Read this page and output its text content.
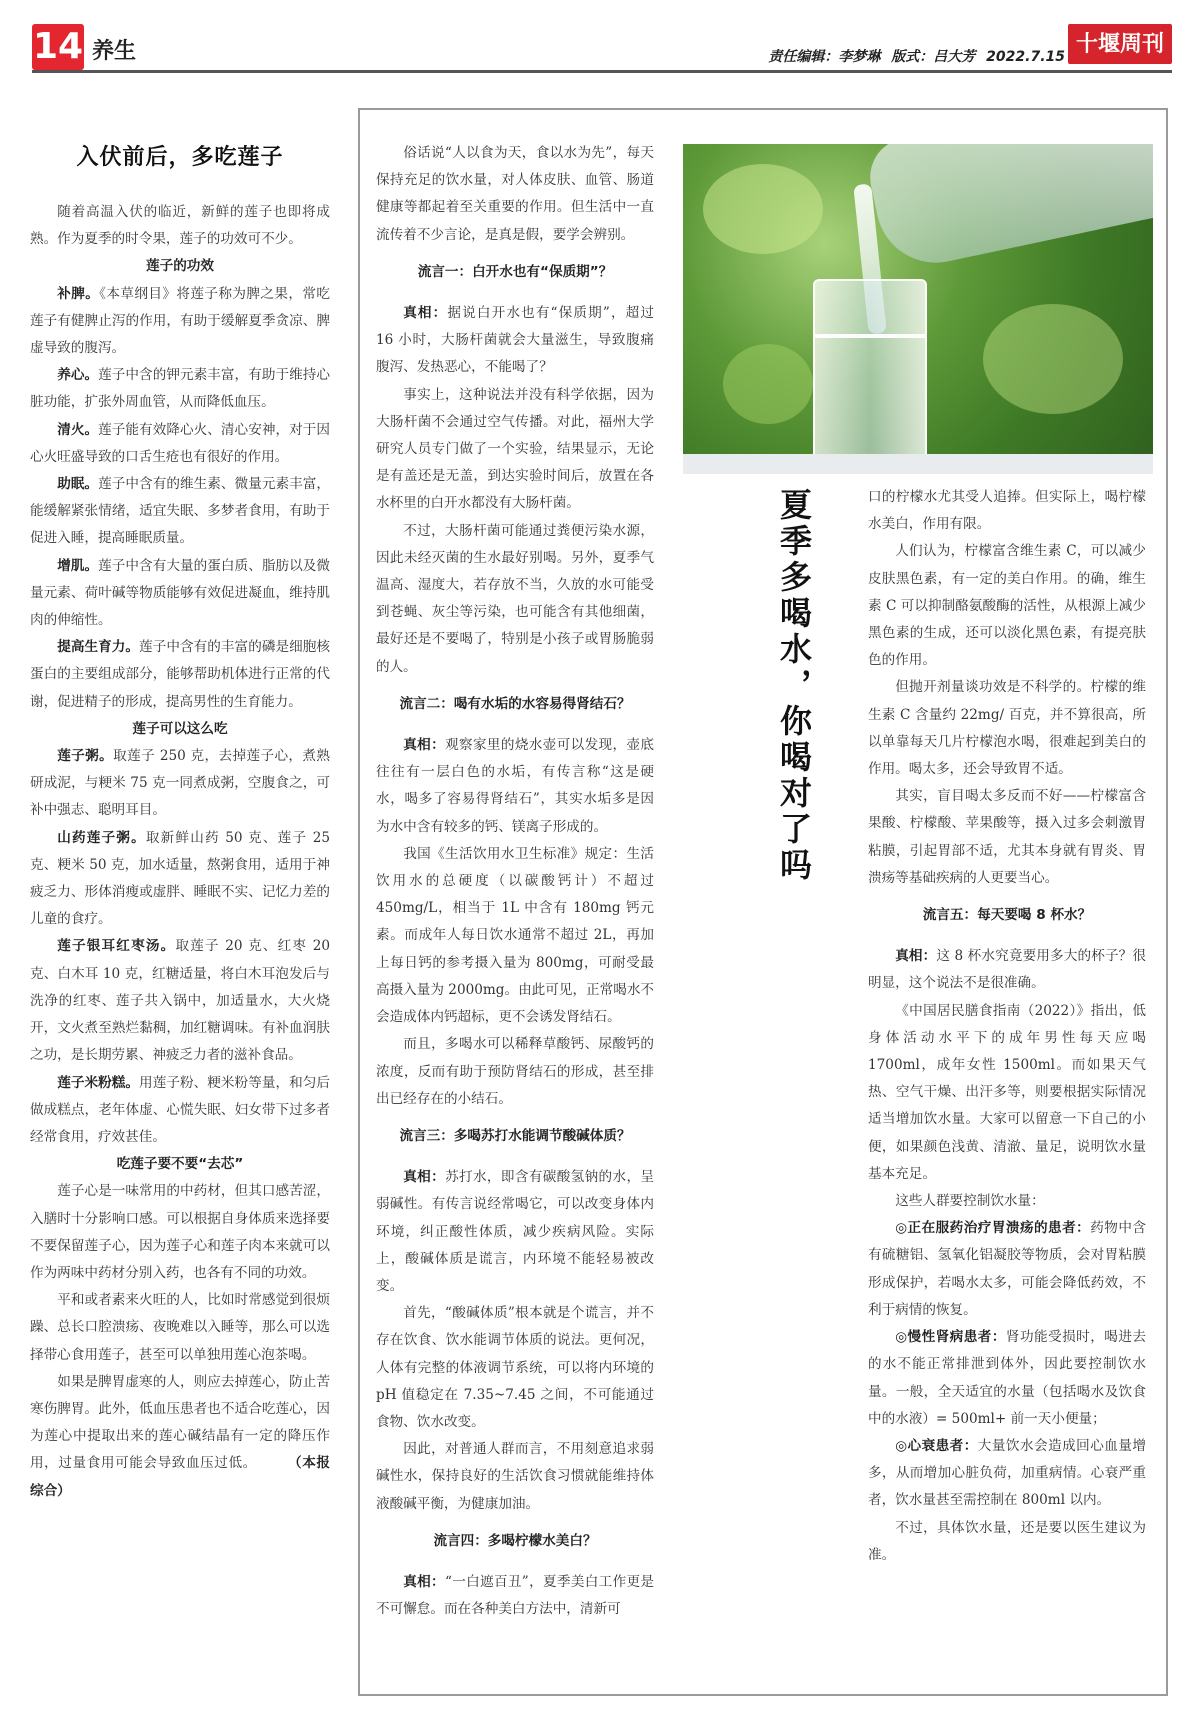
14 养生	责任编辑：李梦琳 版式：吕大芳 2022.7.15 十堰周刊
入伏前后，多吃莲子

随着高温入伏的临近，新鲜的莲子也即将成熟。作为夏季的时令果，莲子的功效可不少。

莲子的功效

补脾。《本草纲目》将莲子称为脾之果，常吃莲子有健脾止泻的作用，有助于缓解夏季贪凉、脾虚导致的腹泻。

养心。莲子中含的钾元素丰富，有助于维持心脏功能，扩张外周血管，从而降低血压。

清火。莲子能有效降心火、清心安神，对于因心火旺盛导致的口舌生疮也有很好的作用。

助眠。莲子中含有的维生素、微量元素丰富，能缓解紧张情绪，适宜失眠、多梦者食用，有助于促进入睡，提高睡眠质量。

增肌。莲子中含有大量的蛋白质、脂肪以及微量元素、荷叶碱等物质能够有效促进凝血，维持肌肉的伸缩性。

提高生育力。莲子中含有的丰富的磷是细胞核蛋白的主要组成部分，能够帮助机体进行正常的代谢，促进精子的形成，提高男性的生育能力。

莲子可以这么吃

莲子粥。取莲子 250 克，去掉莲子心，煮熟研成泥，与粳米 75 克一同煮成粥，空腹食之，可补中强志、聪明耳目。

山药莲子粥。取新鲜山药 50 克、莲子 25 克、粳米 50 克，加水适量，熬粥食用，适用于神疲乏力、形体消瘦或虚胖、睡眠不实、记忆力差的儿童的食疗。

莲子银耳红枣汤。取莲子 20 克、红枣 20 克、白木耳 10 克，红糖适量，将白木耳泡发后与洗净的红枣、莲子共入锅中，加适量水，大火烧开，文火煮至熟烂黏稠，加红糖调味。有补血润肤之功，是长期劳累、神疲乏力者的滋补食品。

莲子米粉糕。用莲子粉、粳米粉等量，和匀后做成糕点，老年体虚、心慌失眠、妇女带下过多者经常食用，疗效甚佳。

吃莲子要不要“去芯”

莲子心是一味常用的中药材，但其口感苦涩，入膳时十分影响口感。可以根据自身体质来选择要不要保留莲子心，因为莲子心和莲子肉本来就可以作为两味中药材分别入药，也各有不同的功效。

平和或者素来火旺的人，比如时常感觉到很烦躁、总长口腔溃疡、夜晚难以入睡等，那么可以选择带心食用莲子，甚至可以单独用莲心泡茶喝。

如果是脾胃虚寒的人，则应去掉莲心，防止苦寒伤脾胃。此外，低血压患者也不适合吃莲心，因为莲心中提取出来的莲心碱结晶有一定的降压作用，过量食用可能会导致血压过低。	（本报综合）

俗话说“人以食为天，食以水为先”，每天保持充足的饮水量，对人体皮肤、血管、肠道健康等都起着至关重要的作用。但生活中一直流传着不少言论，是真是假，要学会辨别。

流言一：白开水也有“保质期”？

真相：据说白开水也有“保质期”，超过 16 小时，大肠杆菌就会大量滋生，导致腹痛腹泻、发热恶心，不能喝了？

事实上，这种说法并没有科学依据，因为大肠杆菌不会通过空气传播。对此，福州大学研究人员专门做了一个实验，结果显示，无论是有盖还是无盖，到达实验时间后，放置在各水杯里的白开水都没有大肠杆菌。

不过，大肠杆菌可能通过粪便污染水源，因此未经灭菌的生水最好别喝。另外，夏季气温高、湿度大，若存放不当，久放的水可能受到苍蝇、灰尘等污染，也可能含有其他细菌，最好还是不要喝了，特别是小孩子或胃肠脆弱的人。

流言二：喝有水垢的水容易得肾结石？

真相：观察家里的烧水壶可以发现，壶底往往有一层白色的水垢，有传言称“这是硬水，喝多了容易得肾结石”，其实水垢多是因为水中含有较多的钙、镁离子形成的。

我国《生活饮用水卫生标准》规定：生活饮用水的总硬度（以碳酸钙计）不超过 450mg/L，相当于 1L 中含有 180mg 钙元素。而成年人每日饮水通常不超过 2L，再加上每日钙的参考摄入量为 800mg，可耐受最高摄入量为 2000mg。由此可见，正常喝水不会造成体内钙超标，更不会诱发肾结石。

而且，多喝水可以稀释草酸钙、尿酸钙的浓度，反而有助于预防肾结石的形成，甚至排出已经存在的小结石。

流言三：多喝苏打水能调节酸碱体质？

真相：苏打水，即含有碳酸氢钠的水，呈弱碱性。有传言说经常喝它，可以改变身体内环境，纠正酸性体质，减少疾病风险。实际上，酸碱体质是谎言，内环境不能轻易被改变。

首先，“酸碱体质”根本就是个谎言，并不存在饮食、饮水能调节体质的说法。更何况，人体有完整的体液调节系统，可以将内环境的 pH 值稳定在 7.35~7.45 之间，不可能通过食物、饮水改变。

因此，对普通人群而言，不用刻意追求弱碱性水，保持良好的生活饮食习惯就能维持体液酸碱平衡，为健康加油。

流言四：多喝柠檬水美白？

真相：“一白遮百丑”，夏季美白工作更是不可懈怠。而在各种美白方法中，清新可

夏季多喝水，你喝对了吗	口的柠檬水尤其受人追捧。但实际上，喝柠檬水美白，作用有限。

人们认为，柠檬富含维生素 C，可以减少皮肤黑色素，有一定的美白作用。的确，维生素 C 可以抑制酪氨酸酶的活性，从根源上减少黑色素的生成，还可以淡化黑色素，有提亮肤色的作用。

但抛开剂量谈功效是不科学的。柠檬的维生素 C 含量约 22mg/ 百克，并不算很高，所以单靠每天几片柠檬泡水喝，很难起到美白的作用。喝太多，还会导致胃不适。

其实，盲目喝太多反而不好——柠檬富含果酸、柠檬酸、苹果酸等，摄入过多会刺激胃粘膜，引起胃部不适，尤其本身就有胃炎、胃溃疡等基础疾病的人更要当心。

流言五：每天要喝 8 杯水？

真相：这 8 杯水究竟要用多大的杯子？很明显，这个说法不是很准确。

《中国居民膳食指南（2022）》指出，低身体活动水平下的成年男性每天应喝 1700ml，成年女性 1500ml。而如果天气热、空气干燥、出汗多等，则要根据实际情况适当增加饮水量。大家可以留意一下自己的小便，如果颜色浅黄、清澈、量足，说明饮水量基本充足。

这些人群要控制饮水量：

◎正在服药治疗胃溃疡的患者：药物中含有硫糖铝、氢氧化铝凝胶等物质，会对胃粘膜形成保护，若喝水太多，可能会降低药效，不利于病情的恢复。

◎慢性肾病患者：肾功能受损时，喝进去的水不能正常排泄到体外，因此要控制饮水量。一般，全天适宜的水量（包括喝水及饮食中的水液）= 500ml+ 前一天小便量；

◎心衰患者：大量饮水会造成回心血量增多，从而增加心脏负荷，加重病情。心衰严重者，饮水量甚至需控制在 800ml 以内。

不过，具体饮水量，还是要以医生建议为准。
